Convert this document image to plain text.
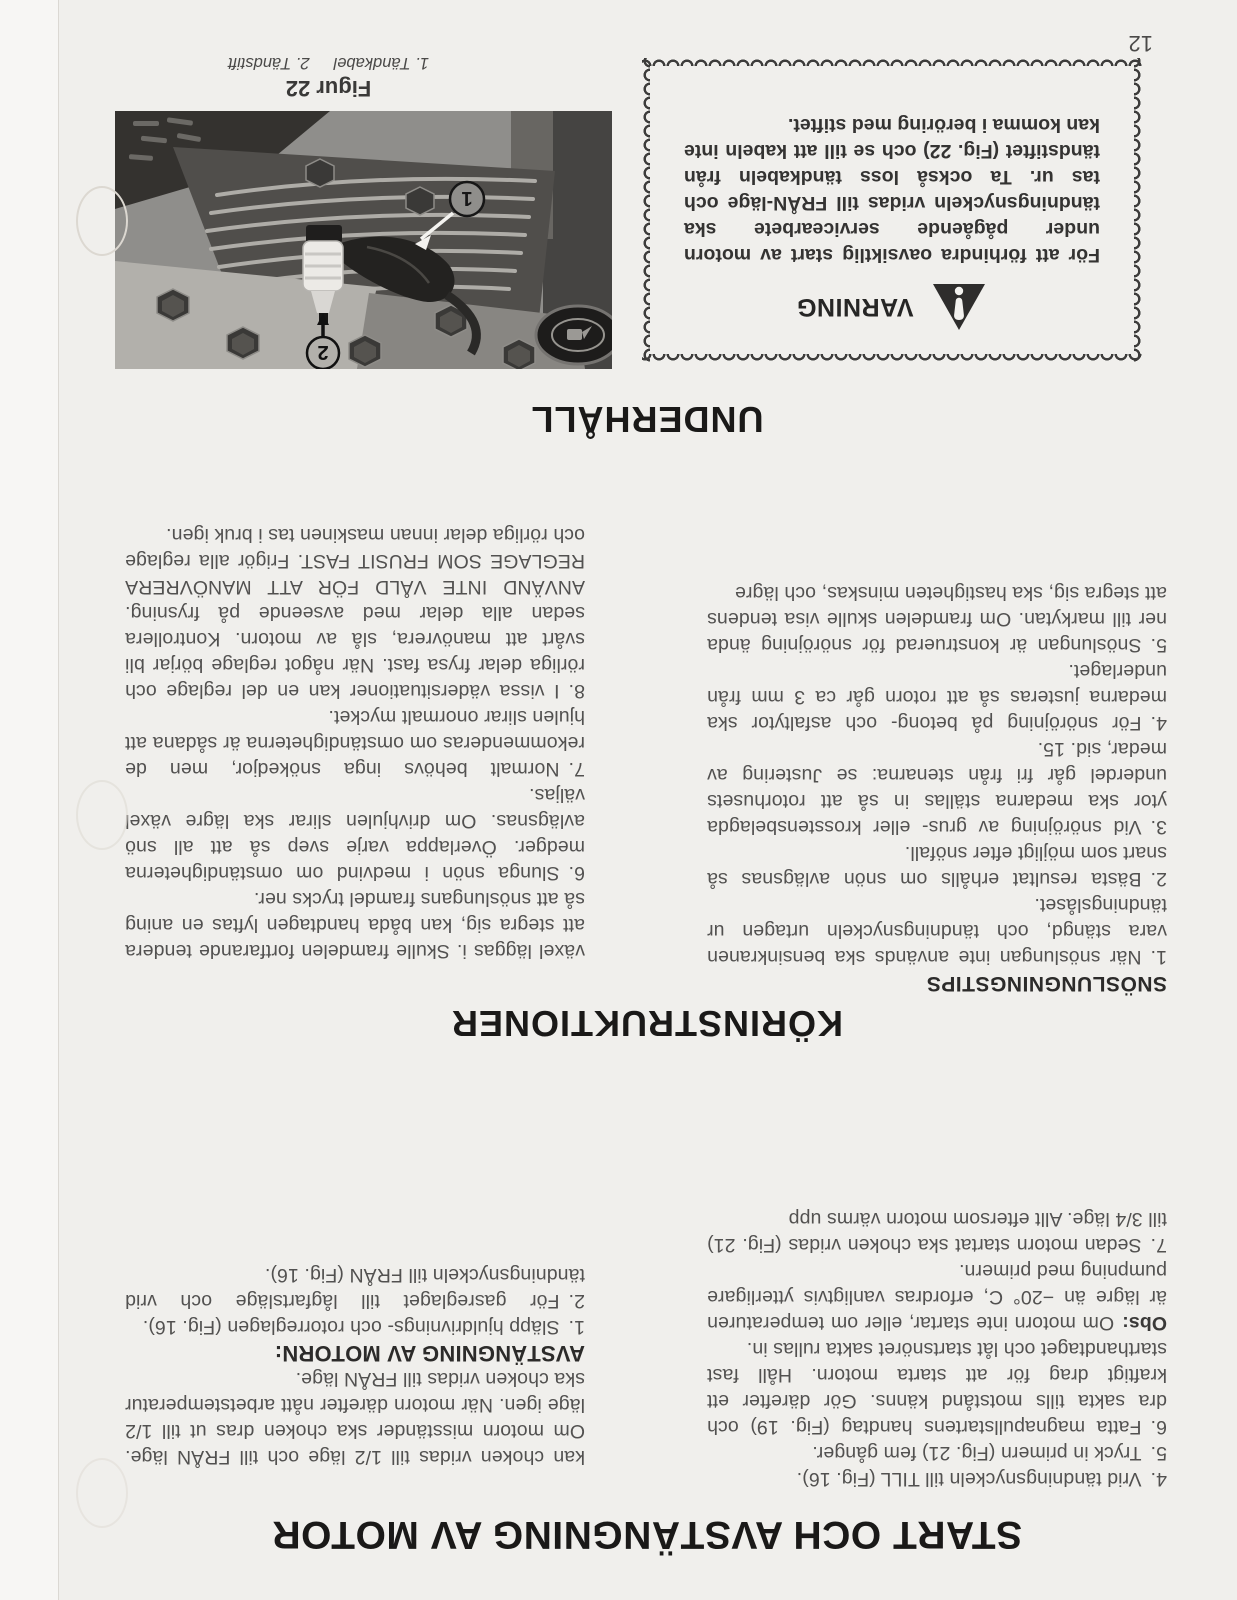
START OCH AVSTÄNGNING AV MOTOR

4.Vrid tändningsnyckeln till TILL (Fig. 16).

5.Tryck in primern (Fig. 21) fem gånger.

6.Fatta magnapullstartens handtag (Fig. 19) och dra sakta tills motstånd känns. Gör därefter ett kraftigt drag för att starta motorn. Håll fast starthandtaget och låt startsnöret sakta rullas in.

Obs:Om motorn inte startar, eller om temperaturen är lägre än −20° C, erfordras vanligtvis ytterligare pumpning med primern.

7.Sedan motorn startat ska choken vridas (Fig. 21) till 3/4 läge. Allt eftersom motorn värms upp

kan choken vridas till 1/2 läge och till FRÅN läge. Om motorn misständer ska choken dras ut till 1/2 läge igen. När motorn därefter nått arbetstemperatur ska choken vridas till FRÅN läge.

AVSTÄNGNING AV MOTORN:

1.Släpp hjuldrivnings- och rotorreglagen (Fig. 16).

2.För gasreglaget till lågfartsläge och vrid tändningsnyckeln till FRÅN (Fig. 16).

KÖRINSTRUKTIONER

SNÖSLUNGNINGSTIPS

1.När snöslungan inte används ska bensinkranen vara stängd, och tändningsnyckeln urtagen ur tändningslåset.

2.Bästa resultat erhålls om snön avlägsnas så snart som möjligt efter snöfall.

3.Vid snöröjning av grus- eller krosstensbelagda ytor ska medarna ställas in så att rotorhusets underdel går fri från stenarna: se Justering av medar, sid. 15.

4.För snöröjning på betong- och asfaltytor ska medarna justeras så att rotorn går ca 3 mm från underlaget.

5.Snöslungan är konstruerad för snöröjning ända ner till markytan. Om framdelen skulle visa tendens att stegra sig, ska hastigheten minskas, och lägre

växel läggas i. Skulle framdelen fortfarande tendera att stegra sig, kan båda handtagen lyftas en aning så att snöslungans framdel trycks ner.

6.Slunga snön i medvind om omständigheterna medger. Överlappa varje svep så att all snö avlägsnas. Om drivhjulen slirar ska lägre växel väljas.

7.Normalt behövs inga snökedjor, men de rekommenderas om omständigheterna är sådana att hjulen slirar onormalt mycket.

8.I vissa vädersituationer kan en del reglage och rörliga delar frysa fast. När något reglage börjar bli svårt att manövrera, slå av motorn. Kontrollera sedan alla delar med avseende på frysning. ANVÄND INTE VÅLD FÖR ATT MANÖVRERA REGLAGE SOM FRUSIT FAST. Frigör alla reglage och rörliga delar innan maskinen tas i bruk igen.

UNDERHÅLL
VARNING

För att förhindra oavsiktlig start av motorn under pågående servicearbete ska tändningsnyckeln vridas till FRÅN-läge och tas ur. Ta också loss tändkabeln från tändstiftet (Fig. 22) och se till att kabeln inte kan komma i beröring med stiftet.

1
2
Figur 22
1. Tändkabel2. Tändstift
12
